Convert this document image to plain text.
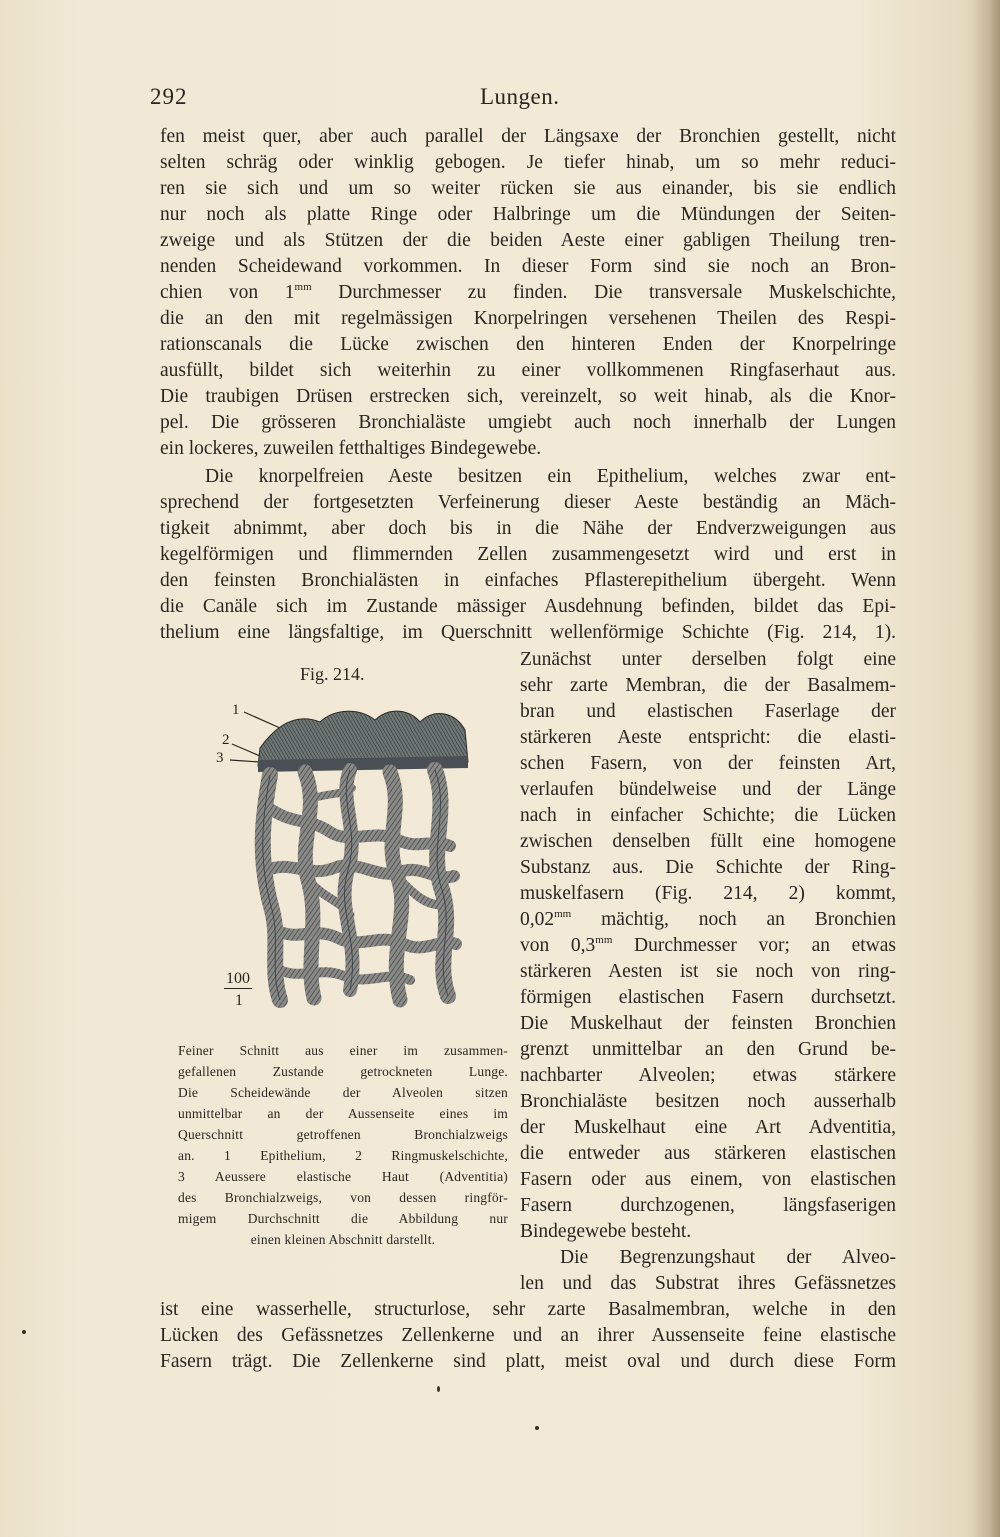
292	Lungen.
fen meist quer, aber auch parallel der Längsaxe der Bronchien gestellt, nicht
selten schräg oder winklig gebogen. Je tiefer hinab, um so mehr reduci-
ren sie sich und um so weiter rücken sie aus einander, bis sie endlich
nur noch als platte Ringe oder Halbringe um die Mündungen der Seiten-
zweige und als Stützen der die beiden Aeste einer gabligen Theilung tren-
nenden Scheidewand vorkommen. In dieser Form sind sie noch an Bron-
chien von $1^{mm}$ Durchmesser zu finden. Die transversale Muskelschichte,
die an den mit regelmässigen Knorpelringen versehenen Theilen des Respi-
rationscanals die Lücke zwischen den hinteren Enden der Knorpelringe
ausfüllt, bildet sich weiterhin zu einer vollkommenen Ringfaserhaut aus.
Die traubigen Drüsen erstrecken sich, vereinzelt, so weit hinab, als die Knor-
pel. Die grösseren Bronchialäste umgiebt auch noch innerhalb der Lungen
ein lockeres, zuweilen fetthaltiges Bindegewebe.
Die knorpelfreien Aeste besitzen ein Epithelium, welches zwar ent-
sprechend der fortgesetzten Verfeinerung dieser Aeste beständig an Mäch-
tigkeit abnimmt, aber doch bis in die Nähe der Endverzweigungen aus
kegelförmigen und flimmernden Zellen zusammengesetzt wird und erst in
den feinsten Bronchialästen in einfaches Pflasterepithelium übergeht. Wenn
die Canäle sich im Zustande mässiger Ausdehnung befinden, bildet das Epi-
thelium eine längsfaltige, im Querschnitt wellenförmige Schichte (Fig. 214, 1).
Fig. 214.
1
2
3
100
1
Feiner Schnitt aus einer im zusammen-
gefallenen Zustande getrockneten Lunge.
Die Scheidewände der Alveolen sitzen
unmittelbar an der Aussenseite eines im
Querschnitt getroffenen Bronchialzweigs
an. 1 Epithelium, 2 Ringmuskelschichte,
3 Aeussere elastische Haut (Adventitia)
des Bronchialzweigs, von dessen ringför-
migem Durchschnitt die Abbildung nur
einen kleinen Abschnitt darstellt.
Zunächst unter derselben folgt eine
sehr zarte Membran, die der Basalmem-
bran und elastischen Faserlage der
stärkeren Aeste entspricht: die elasti-
schen Fasern, von der feinsten Art,
verlaufen bündelweise und der Länge
nach in einfacher Schichte; die Lücken
zwischen denselben füllt eine homogene
Substanz aus. Die Schichte der Ring-
muskelfasern (Fig. 214, 2) kommt,
$0,02^{mm}$ mächtig, noch an Bronchien
von $0,3^{mm}$ Durchmesser vor; an etwas
stärkeren Aesten ist sie noch von ring-
förmigen elastischen Fasern durchsetzt.
Die Muskelhaut der feinsten Bronchien
grenzt unmittelbar an den Grund be-
nachbarter Alveolen; etwas stärkere
Bronchialäste besitzen noch ausserhalb
der Muskelhaut eine Art Adventitia,
die entweder aus stärkeren elastischen
Fasern oder aus einem, von elastischen
Fasern durchzogenen, längsfaserigen
Bindegewebe besteht.
Die Begrenzungshaut der Alveo-
len und das Substrat ihres Gefässnetzes
ist eine wasserhelle, structurlose, sehr zarte Basalmembran, welche in den
Lücken des Gefässnetzes Zellenkerne und an ihrer Aussenseite feine elastische
Fasern trägt. Die Zellenkerne sind platt, meist oval und durch diese Form
